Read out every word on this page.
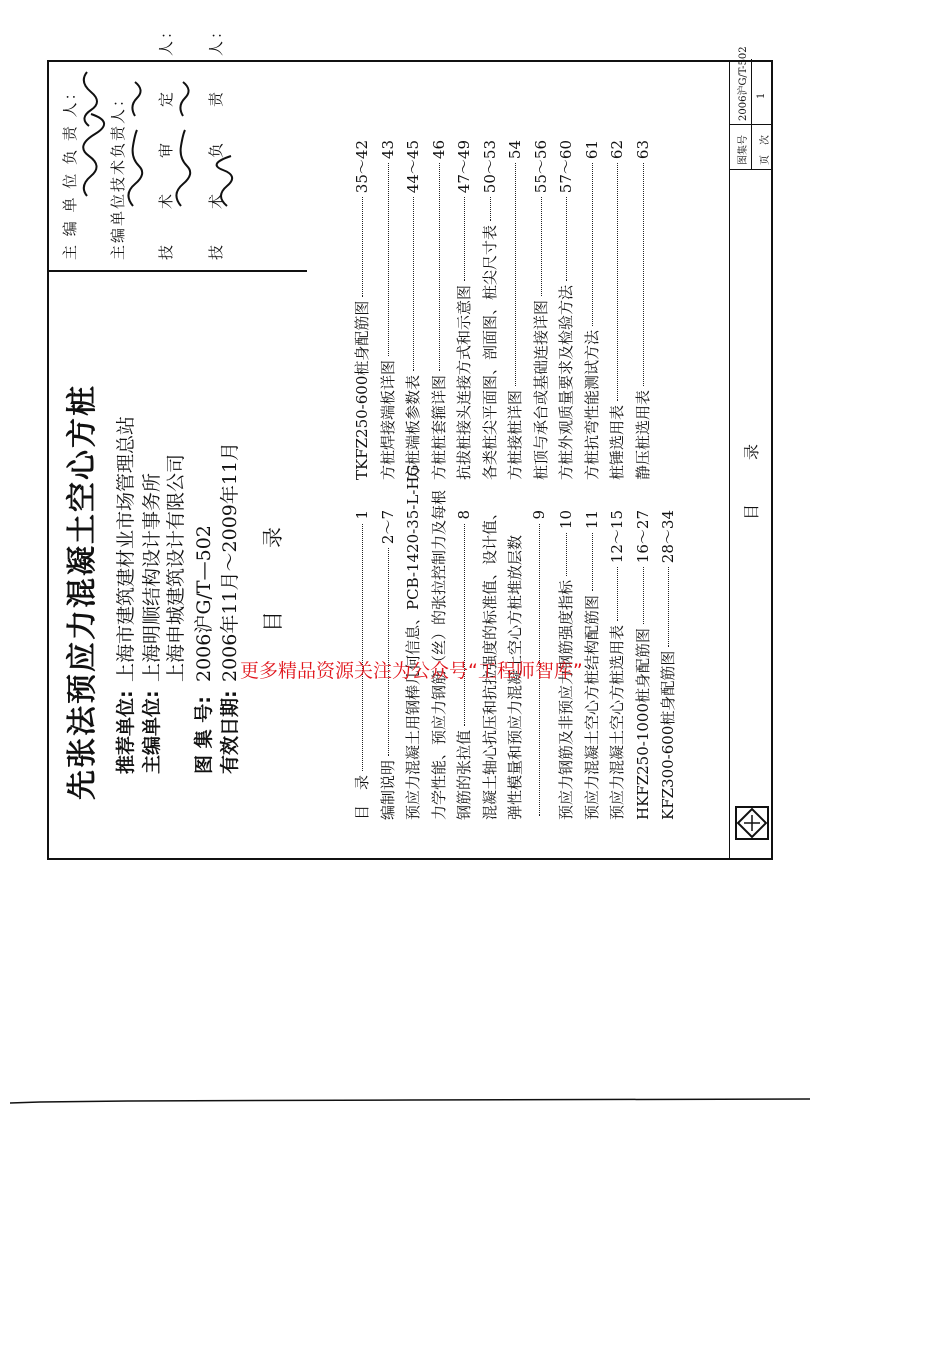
先张法预应力混凝土空心方桩 推荐单位:
上海市建筑建材业市场管理总站
主编单位:
上海明顺结构设计事务所 上海申城建筑设计有限公司
图 集 号:
2006沪G/T—502
有效日期:
2006年11月～2009年11月
主 编 单 位 负 责 人： 主编单位技术负责人： 技　　术　　审　　定　　人： 技　　术　　负　　责　　人：
目　　　录
目　录
1
编制说明
2～7 预应力混凝土用钢棒几何信息、PCB-1420-35-L-HG 力学性能、预应力钢筋（丝）的张拉控制力及每根 钢筋的张拉值
8 混凝土轴心抗压和抗拉强度的标准值、设计值、 弹性模量和预应力混凝土空心方桩堆放层数
9
预应力钢筋及非预应力钢筋强度指标
10
预应力混凝土空心方桩结构配筋图
11
预应力混凝土空心方桩选用表
12～15
HKFZ250-1000桩身配筋图
16～27
KFZ300-600桩身配筋图
28～34
TKFZ250-600桩身配筋图
35～42
方桩焊接端板详图
43
方桩端板参数表
44～45
方桩桩套箍详图
46
抗拔桩接头连接方式和示意图
47～49
各类桩尖平面图、剖面图、桩尖尺寸表
50～53
方桩接桩详图
54
桩顶与承台或基础连接详图
55～56
方桩外观质量要求及检验方法
57～60
方桩抗弯性能测试方法
61
桩锤选用表
62
静压桩选用表
63
目　录
图集号
2006沪G/T-502
页　次
1
更多精品资源关注为公众号“工程师智库”
